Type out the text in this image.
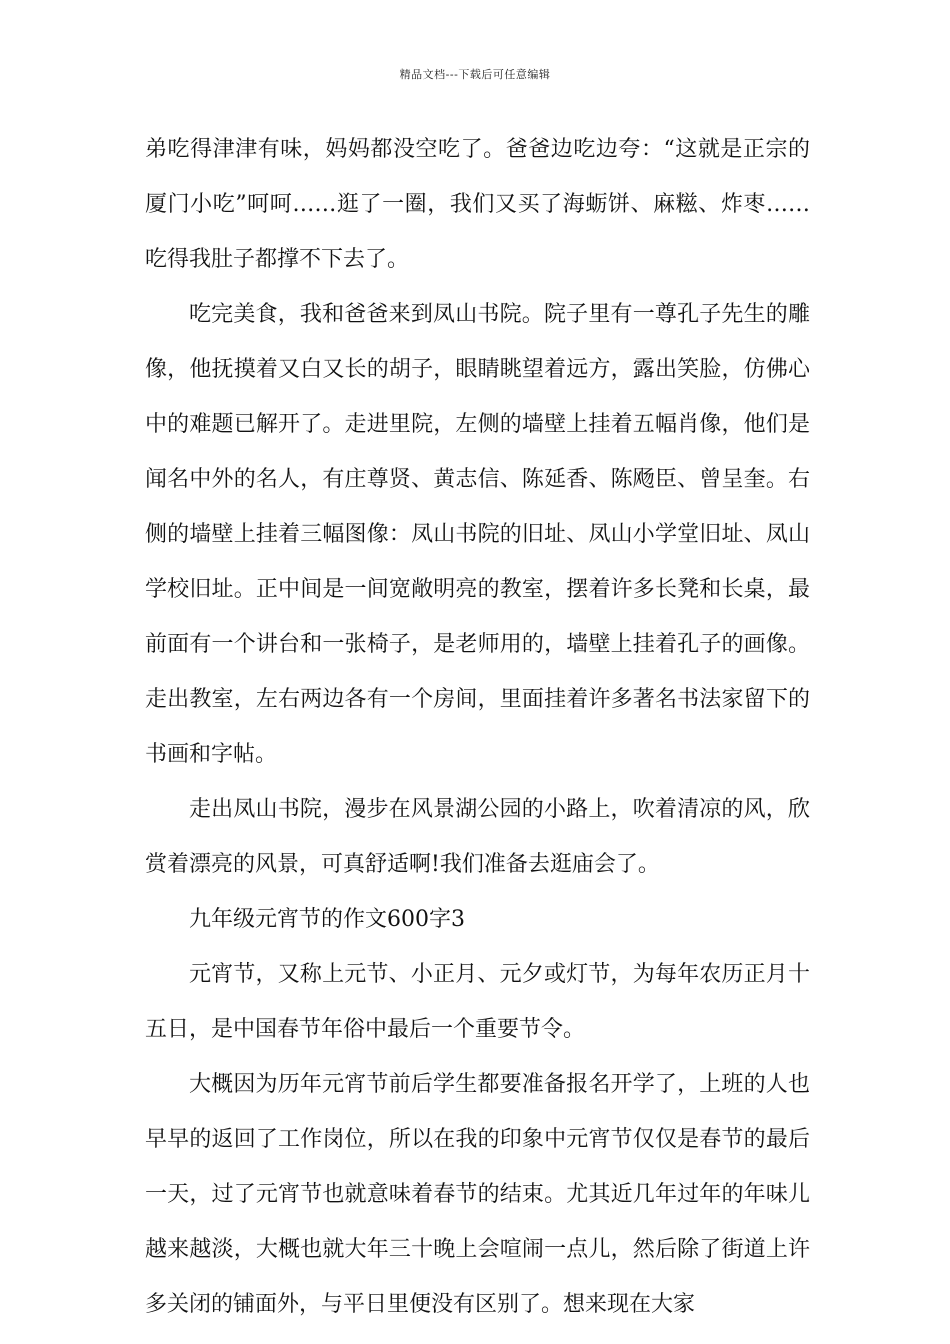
精品文档---下载后可任意编辑

弟吃得津津有味，妈妈都没空吃了。爸爸边吃边夸：“这就是正宗的厦门小吃”呵呵……逛了一圈，我们又买了海蛎饼、麻糍、炸枣……吃得我肚子都撑不下去了。

吃完美食，我和爸爸来到凤山书院。院子里有一尊孔子先生的雕像，他抚摸着又白又长的胡子，眼睛眺望着远方，露出笑脸，仿佛心中的难题已解开了。走进里院，左侧的墙壁上挂着五幅肖像，他们是闻名中外的名人，有庄尊贤、黄志信、陈延香、陈飏臣、曾呈奎。右侧的墙壁上挂着三幅图像：凤山书院的旧址、凤山小学堂旧址、凤山学校旧址。正中间是一间宽敞明亮的教室，摆着许多长凳和长桌，最前面有一个讲台和一张椅子，是老师用的，墙壁上挂着孔子的画像。走出教室，左右两边各有一个房间，里面挂着许多著名书法家留下的书画和字帖。

走出凤山书院，漫步在风景湖公园的小路上，吹着清凉的风，欣赏着漂亮的风景，可真舒适啊!我们准备去逛庙会了。

九年级元宵节的作文600字3

元宵节，又称上元节、小正月、元夕或灯节，为每年农历正月十五日，是中国春节年俗中最后一个重要节令。

大概因为历年元宵节前后学生都要准备报名开学了，上班的人也早早的返回了工作岗位，所以在我的印象中元宵节仅仅是春节的最后一天，过了元宵节也就意味着春节的结束。尤其近几年过年的年味儿越来越淡，大概也就大年三十晚上会喧闹一点儿，然后除了街道上许多关闭的铺面外，与平日里便没有区别了。想来现在大家
